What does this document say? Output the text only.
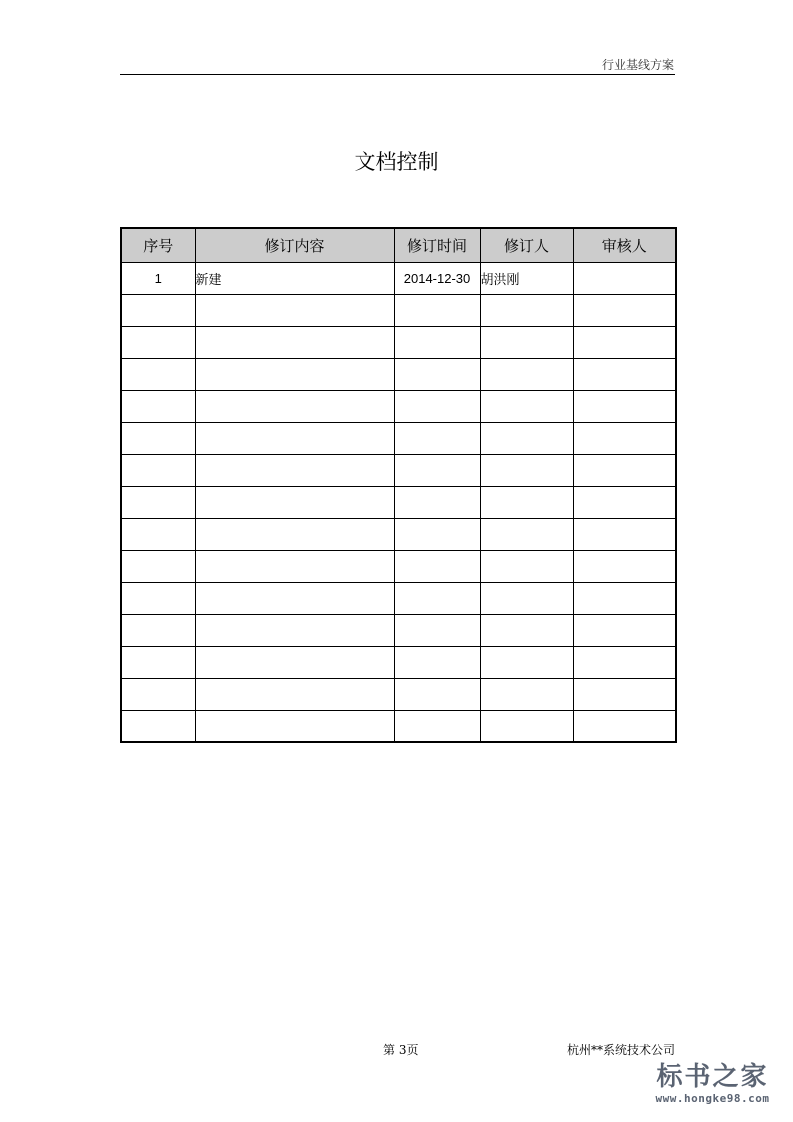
行业基线方案
文档控制
序号	修订内容	修订时间	修订人	审核人
1	新建	2014-12-30	胡洪刚	

第 3页	杭州**系统技术公司
标书之家
www.hongke98.com
